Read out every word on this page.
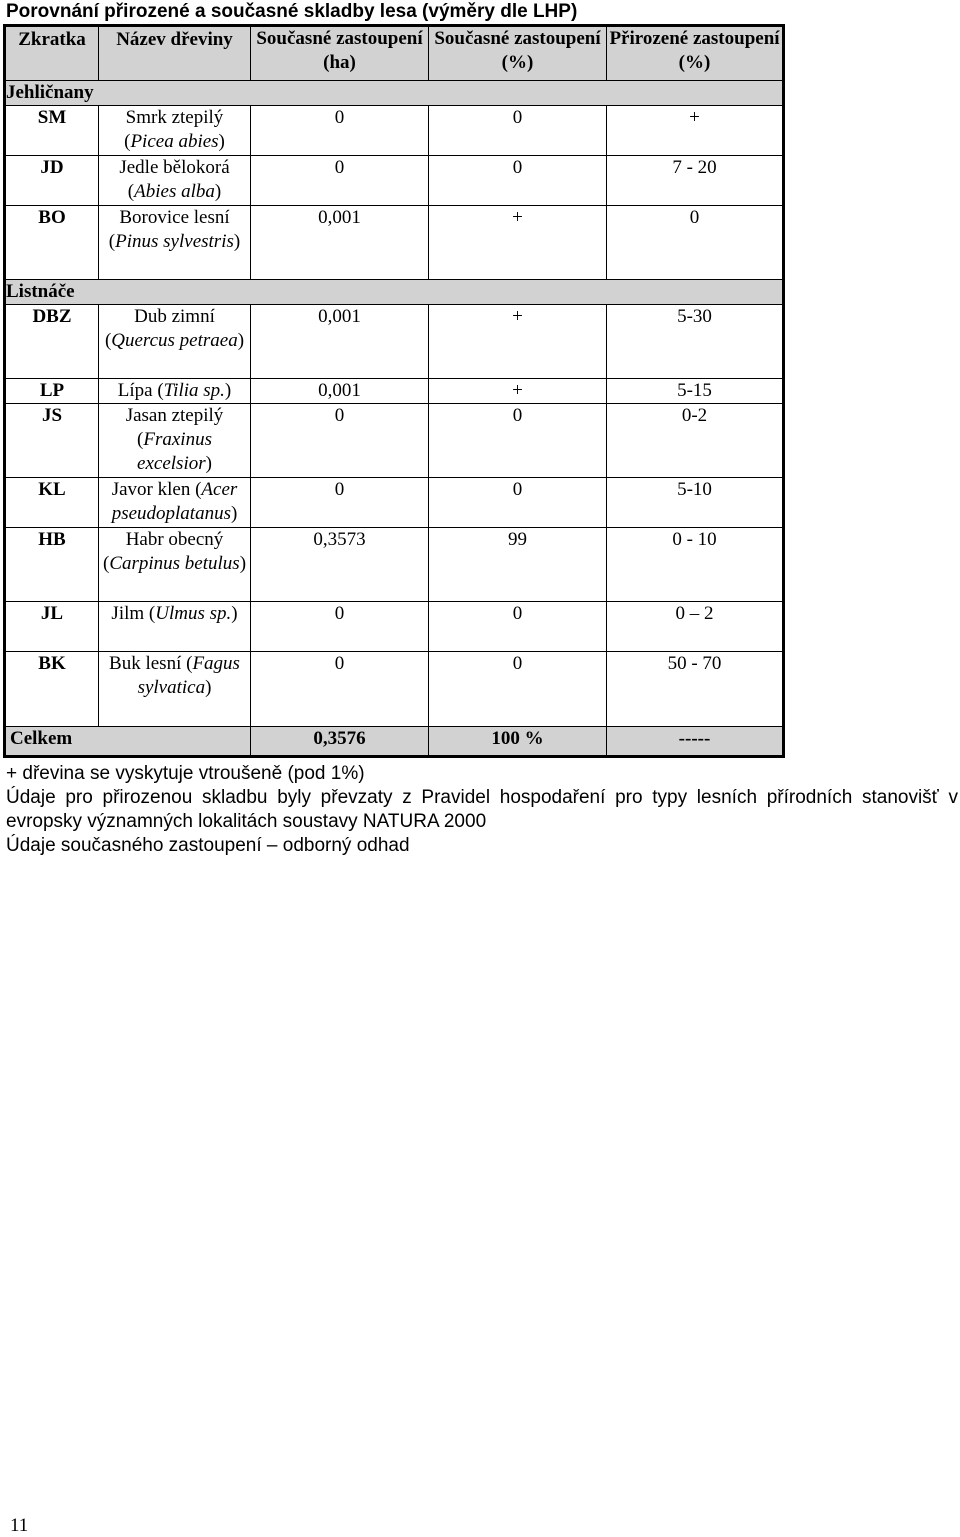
Porovnání přirozené a současné skladby lesa (výměry dle LHP)
Zkratka	Název dřeviny	Současné zastoupení (ha)	Současné zastoupení (%)	Přirozené zastoupení (%)
Jehličnany				
SM	Smrk ztepilý (Picea abies)	0	0	+
JD	Jedle bělokorá (Abies alba)	0	0	7 - 20
BO	Borovice lesní (Pinus sylvestris)	0,001	+	0
Listnáče				
DBZ	Dub zimní (Quercus petraea)	0,001	+	5-30
LP	Lípa (Tilia sp.)	0,001	+	5-15
JS	Jasan ztepilý (Fraxinus excelsior)	0	0	0-2
KL	Javor klen (Acer pseudoplatanus)	0	0	5-10
HB	Habr obecný (Carpinus betulus)	0,3573	99	0 - 10
JL	Jilm (Ulmus sp.)	0	0	0 – 2
BK	Buk lesní (Fagus sylvatica)	0	0	50 - 70
Celkem		0,3576	100 %	-----

+ dřevina se vyskytuje vtroušeně (pod 1%)

Údaje pro přirozenou skladbu byly převzaty z Pravidel hospodaření pro typy lesních přírodních stanovišť v evropsky významných lokalitách soustavy NATURA 2000

Údaje současného zastoupení – odborný odhad

11
